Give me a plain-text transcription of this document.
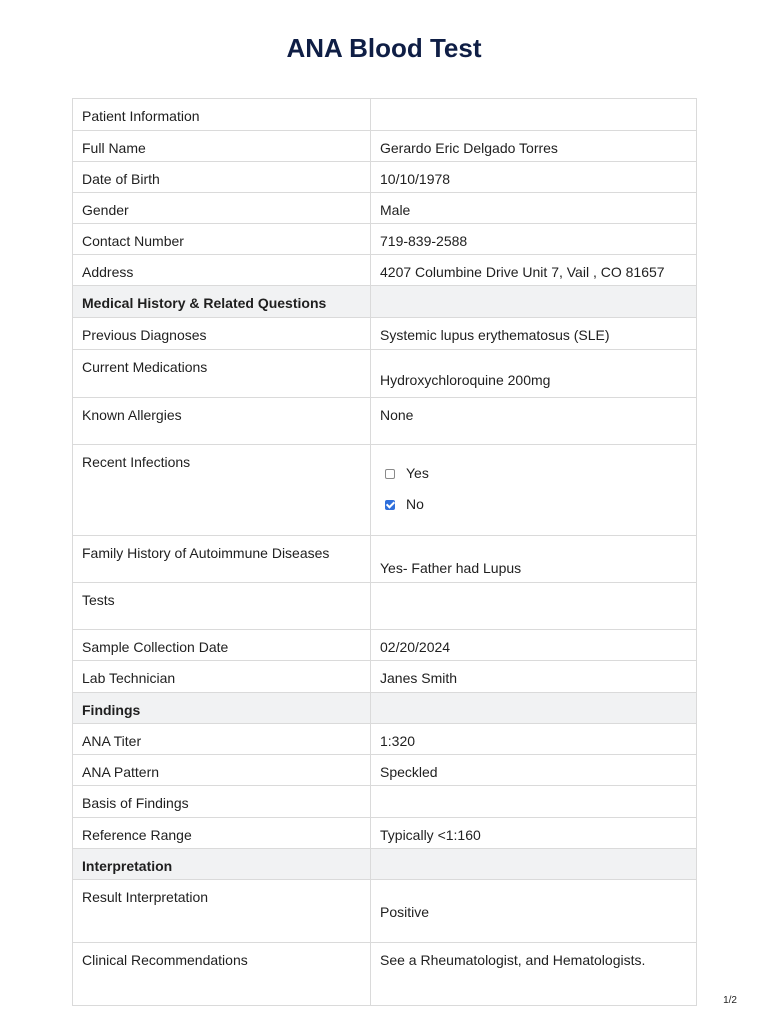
ANA Blood Test
Patient Information	

Full Name	Gerardo Eric Delgado Torres

Date of Birth	10/10/1978

Gender	Male

Contact Number	719-839-2588

Address	4207 Columbine Drive Unit 7, Vail , CO 81657

Medical History & Related Questions	

Previous Diagnoses	Systemic lupus erythematosus (SLE)

Current Medications	Hydroxychloroquine 200mg

Known Allergies	None

Recent Infections	Yes
No

Family History of Autoimmune Diseases	Yes- Father had Lupus

Tests	

Sample Collection Date	02/20/2024

Lab Technician	Janes Smith

Findings	

ANA Titer	1:320

ANA Pattern	Speckled

Basis of Findings	

Reference Range	Typically <1:160

Interpretation	

Result Interpretation	Positive

Clinical Recommendations	See a Rheumatologist, and Hematologists.
1/2
